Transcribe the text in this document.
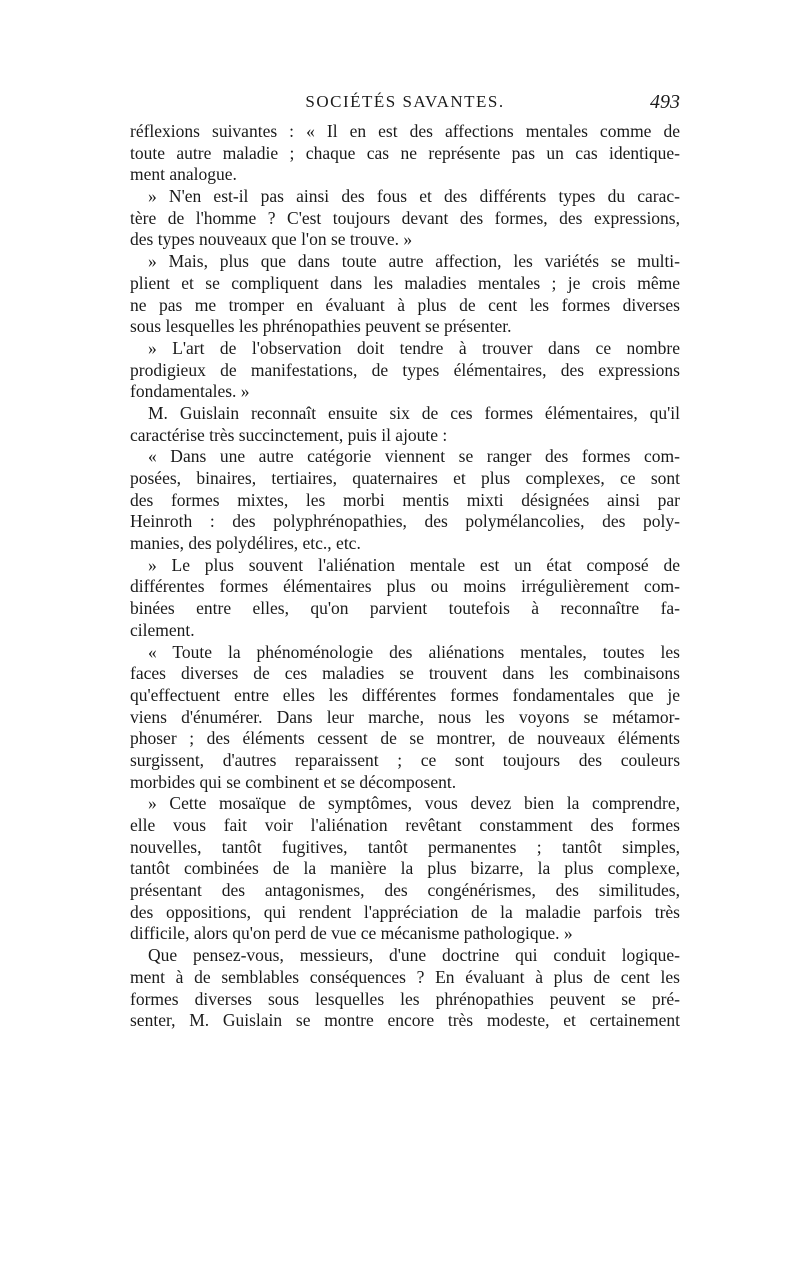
SOCIÉTÉS SAVANTES.	493
réflexions suivantes : « Il en est des affections mentales comme de
toute autre maladie ; chaque cas ne représente pas un cas identique-
ment analogue.
» N'en est-il pas ainsi des fous et des différents types du carac-
tère de l'homme ? C'est toujours devant des formes, des expressions,
des types nouveaux que l'on se trouve. »
» Mais, plus que dans toute autre affection, les variétés se multi-
plient et se compliquent dans les maladies mentales ; je crois même
ne pas me tromper en évaluant à plus de cent les formes diverses
sous lesquelles les phrénopathies peuvent se présenter.
» L'art de l'observation doit tendre à trouver dans ce nombre
prodigieux de manifestations, de types élémentaires, des expressions
fondamentales. »
M. Guislain reconnaît ensuite six de ces formes élémentaires, qu'il
caractérise très succinctement, puis il ajoute :
« Dans une autre catégorie viennent se ranger des formes com-
posées, binaires, tertiaires, quaternaires et plus complexes, ce sont
des formes mixtes, les morbi mentis mixti désignées ainsi par
Heinroth : des polyphrénopathies, des polymélancolies, des poly-
manies, des polydélires, etc., etc.
» Le plus souvent l'aliénation mentale est un état composé de
différentes formes élémentaires plus ou moins irrégulièrement com-
binées entre elles, qu'on parvient toutefois à reconnaître fa-
cilement.
« Toute la phénoménologie des aliénations mentales, toutes les
faces diverses de ces maladies se trouvent dans les combinaisons
qu'effectuent entre elles les différentes formes fondamentales que je
viens d'énumérer. Dans leur marche, nous les voyons se métamor-
phoser ; des éléments cessent de se montrer, de nouveaux éléments
surgissent, d'autres reparaissent ; ce sont toujours des couleurs
morbides qui se combinent et se décomposent.
» Cette mosaïque de symptômes, vous devez bien la comprendre,
elle vous fait voir l'aliénation revêtant constamment des formes
nouvelles, tantôt fugitives, tantôt permanentes ; tantôt simples,
tantôt combinées de la manière la plus bizarre, la plus complexe,
présentant des antagonismes, des congénérismes, des similitudes,
des oppositions, qui rendent l'appréciation de la maladie parfois très
difficile, alors qu'on perd de vue ce mécanisme pathologique. »
Que pensez-vous, messieurs, d'une doctrine qui conduit logique-
ment à de semblables conséquences ? En évaluant à plus de cent les
formes diverses sous lesquelles les phrénopathies peuvent se pré-
senter, M. Guislain se montre encore très modeste, et certainement
